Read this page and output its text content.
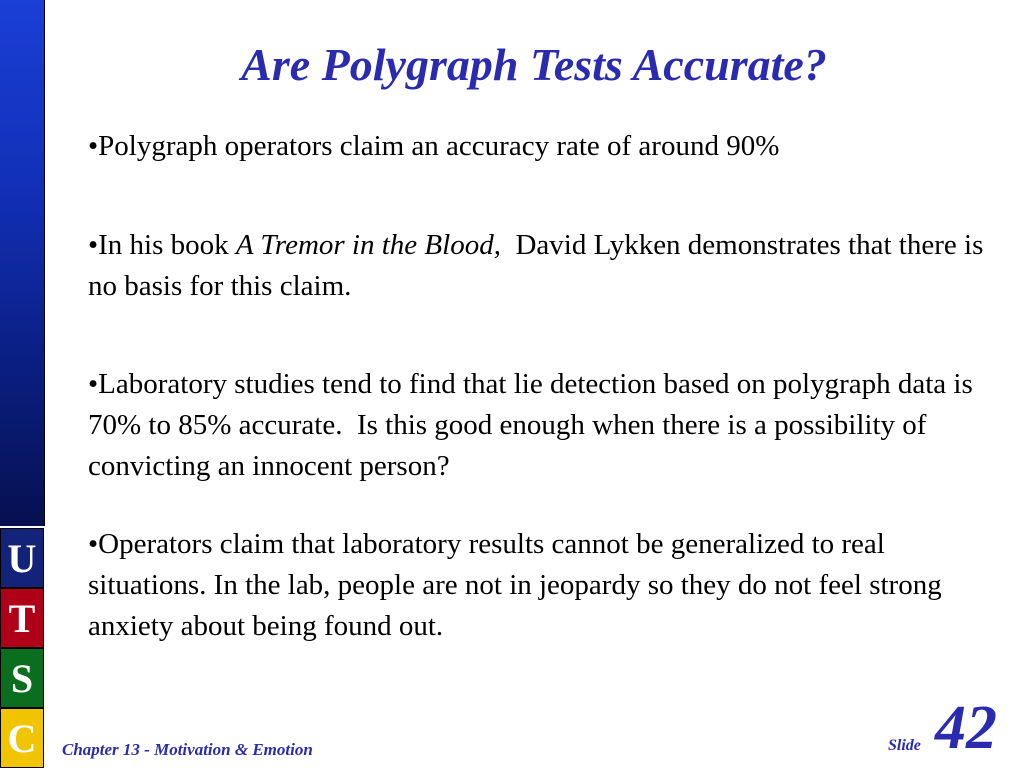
U
T
S
C
Are Polygraph Tests Accurate?

•Polygraph operators claim an accuracy rate of around 90%

•In his book A Tremor in the Blood,  David Lykken demonstrates that there is no basis for this claim.

•Laboratory studies tend to find that lie detection based on polygraph data is 70% to 85% accurate.  Is this good enough when there is a possibility of convicting an innocent person?

•Operators claim that laboratory results cannot be generalized to real situations. In the lab, people are not in jeopardy so they do not feel strong anxiety about being found out.

Chapter 13 - Motivation & Emotion	Slide 42
